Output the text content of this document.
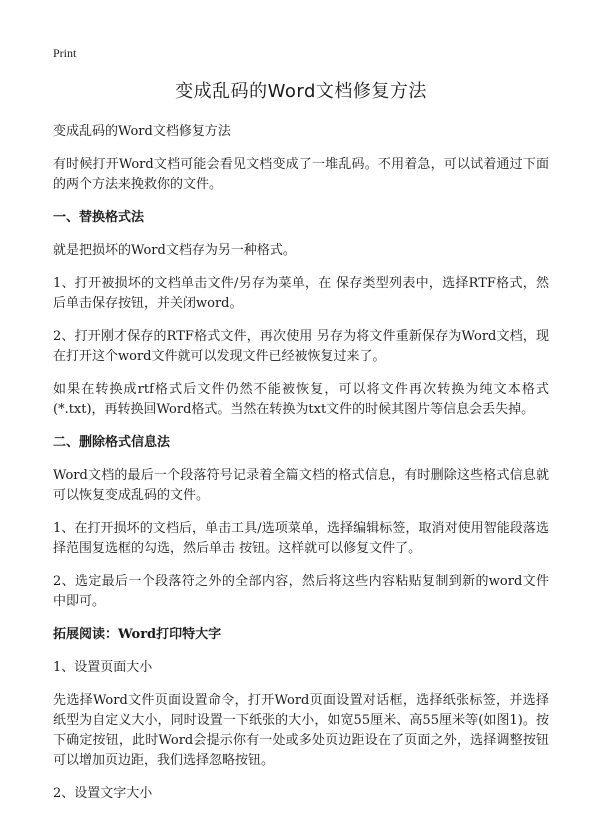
Print
变成乱码的Word文档修复方法

变成乱码的Word文档修复方法

有时候打开Word文档可能会看见文档变成了一堆乱码。不用着急，可以试着通过下面的两个方法来挽救你的文件。

一、替换格式法

就是把损坏的Word文档存为另一种格式。

1、打开被损坏的文档单击文件/另存为菜单，在 保存类型列表中，选择RTF格式，然后单击保存按钮，并关闭word。

2、打开刚才保存的RTF格式文件，再次使用 另存为将文件重新保存为Word文档，现在打开这个word文件就可以发现文件已经被恢复过来了。

如果在转换成rtf格式后文件仍然不能被恢复，可以将文件再次转换为纯文本格式(*.txt)，再转换回Word格式。当然在转换为txt文件的时候其图片等信息会丢失掉。

二、删除格式信息法

Word文档的最后一个段落符号记录着全篇文档的格式信息，有时删除这些格式信息就可以恢复变成乱码的文件。

1、在打开损坏的文档后，单击工具/选项菜单，选择编辑标签，取消对使用智能段落选择范围复选框的勾选，然后单击 按钮。这样就可以修复文件了。

2、选定最后一个段落符之外的全部内容，然后将这些内容粘贴复制到新的word文件中即可。

拓展阅读：Word打印特大字

1、设置页面大小

先选择Word文件页面设置命令，打开Word页面设置对话框，选择纸张标签，并选择纸型为自定义大小，同时设置一下纸张的大小，如宽55厘米、高55厘米等(如图1)。按下确定按钮，此时Word会提示你有一处或多处页边距设在了页面之外，选择调整按钮可以增加页边距，我们选择忽略按钮。

2、设置文字大小
